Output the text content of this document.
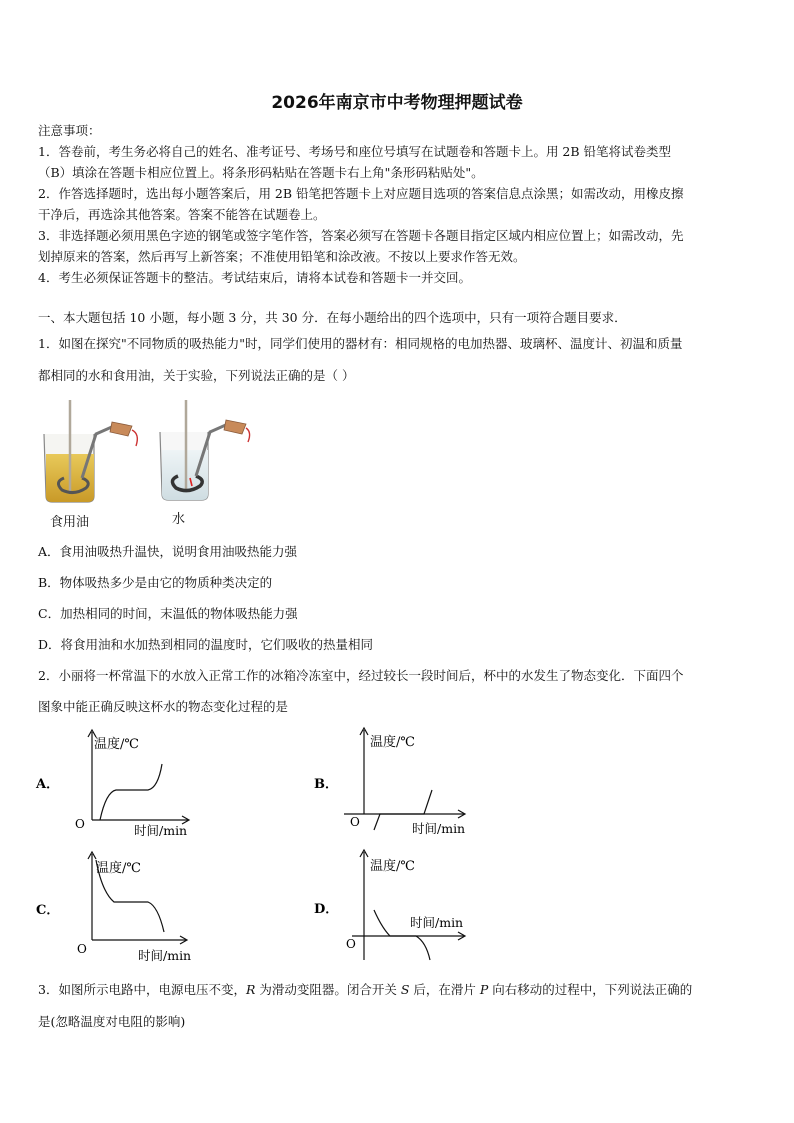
2026年南京市中考物理押题试卷
注意事项：
1．答卷前，考生务必将自己的姓名、准考证号、考场号和座位号填写在试题卷和答题卡上。用 2B 铅笔将试卷类型
（B）填涂在答题卡相应位置上。将条形码粘贴在答题卡右上角"条形码粘贴处"。
2．作答选择题时，选出每小题答案后，用 2B 铅笔把答题卡上对应题目选项的答案信息点涂黑；如需改动，用橡皮擦
干净后，再选涂其他答案。答案不能答在试题卷上。
3．非选择题必须用黑色字迹的钢笔或签字笔作答，答案必须写在答题卡各题目指定区域内相应位置上；如需改动，先
划掉原来的答案，然后再写上新答案；不准使用铅笔和涂改液。不按以上要求作答无效。
4．考生必须保证答题卡的整洁。考试结束后，请将本试卷和答题卡一并交回。
一、本大题包括 10 小题，每小题 3 分，共 30 分．在每小题给出的四个选项中，只有一项符合题目要求．
1．如图在探究"不同物质的吸热能力"时，同学们使用的器材有：相同规格的电加热器、玻璃杯、温度计、初温和质量
都相同的水和食用油，关于实验，下列说法正确的是（ ）
食用油	水
A．食用油吸热升温快，说明食用油吸热能力强
B．物体吸热多少是由它的物质种类决定的
C．加热相同的时间，末温低的物体吸热能力强
D．将食用油和水加热到相同的温度时，它们吸收的热量相同
2．小丽将一杯常温下的水放入正常工作的冰箱冷冻室中，经过较长一段时间后，杯中的水发生了物态变化．下面四个
图象中能正确反映这杯水的物态变化过程的是
温度/℃
时间/min
O
A．
温度/℃
时间/min
O
B．
温度/℃
时间/min
O
C．
温度/℃
时间/min
O
D．
3．如图所示电路中，电源电压不变，R 为滑动变阻器。闭合开关 S 后，在滑片 P 向右移动的过程中，下列说法正确的
是(忽略温度对电阻的影响)
